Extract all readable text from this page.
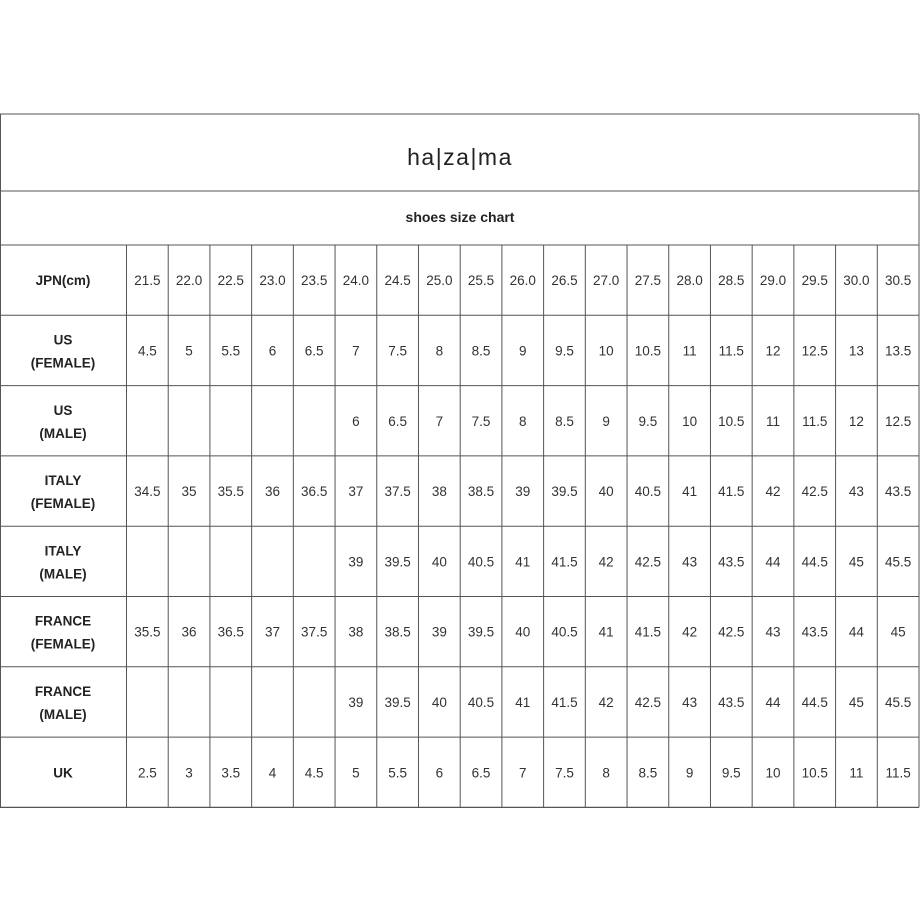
ha|za|ma
shoes size chart
JPN(cm)
US
(FEMALE)
US
(MALE)
ITALY
(FEMALE)
ITALY
(MALE)
FRANCE
(FEMALE)
FRANCE
(MALE)
UK
21.5 22.0 22.5 23.0 23.5 24.0 24.5 25.0 25.5 26.0 26.5 27.0 27.5 28.0 28.5 29.0 29.5 30.0 30.5
4.5 5 5.5 6 6.5 7 7.5 8 8.5 9 9.5 10 10.5 11 11.5 12 12.5 13 13.5
6 6.5 7 7.5 8 8.5 9 9.5 10 10.5 11 11.5 12 12.5
34.5 35 35.5 36 36.5 37 37.5 38 38.5 39 39.5 40 40.5 41 41.5 42 42.5 43 43.5
39 39.5 40 40.5 41 41.5 42 42.5 43 43.5 44 44.5 45 45.5
35.5 36 36.5 37 37.5 38 38.5 39 39.5 40 40.5 41 41.5 42 42.5 43 43.5 44 45
39 39.5 40 40.5 41 41.5 42 42.5 43 43.5 44 44.5 45 45.5
2.5 3 3.5 4 4.5 5 5.5 6 6.5 7 7.5 8 8.5 9 9.5 10 10.5 11 11.5
